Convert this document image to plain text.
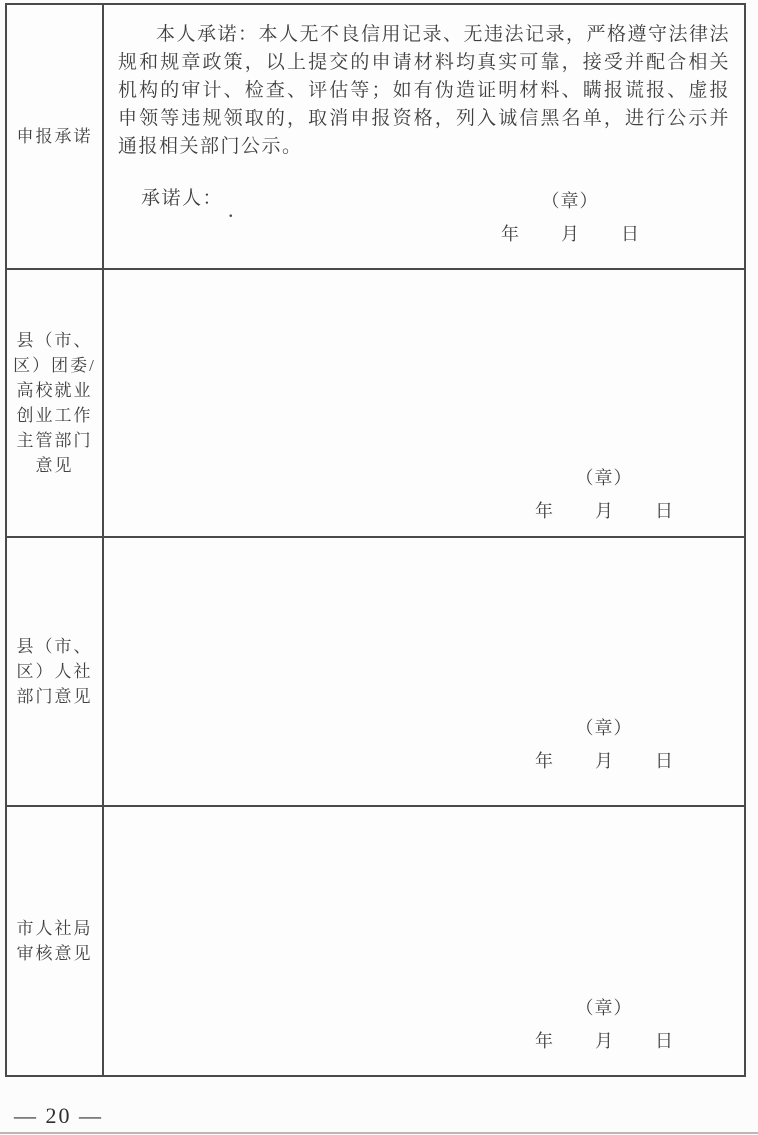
申报承诺
本人承诺：本人无不良信用记录、无违法记录，严格遵守法律法规和规章政策，以上提交的申请材料均真实可靠，接受并配合相关机构的审计、检查、评估等；如有伪造证明材料、瞒报谎报、虚报申领等违规领取的，取消申报资格，列入诚信黑名单，进行公示并通报相关部门公示。
承诺人： .	（章）
年 月 日
县（市、
区）团委/
高校就业
创业工作
主管部门
意见
（章）
年 月 日
县（市、
区）人社
部门意见
（章）
年 月 日
市人社局
审核意见
（章）
年 月 日
— 20 —
